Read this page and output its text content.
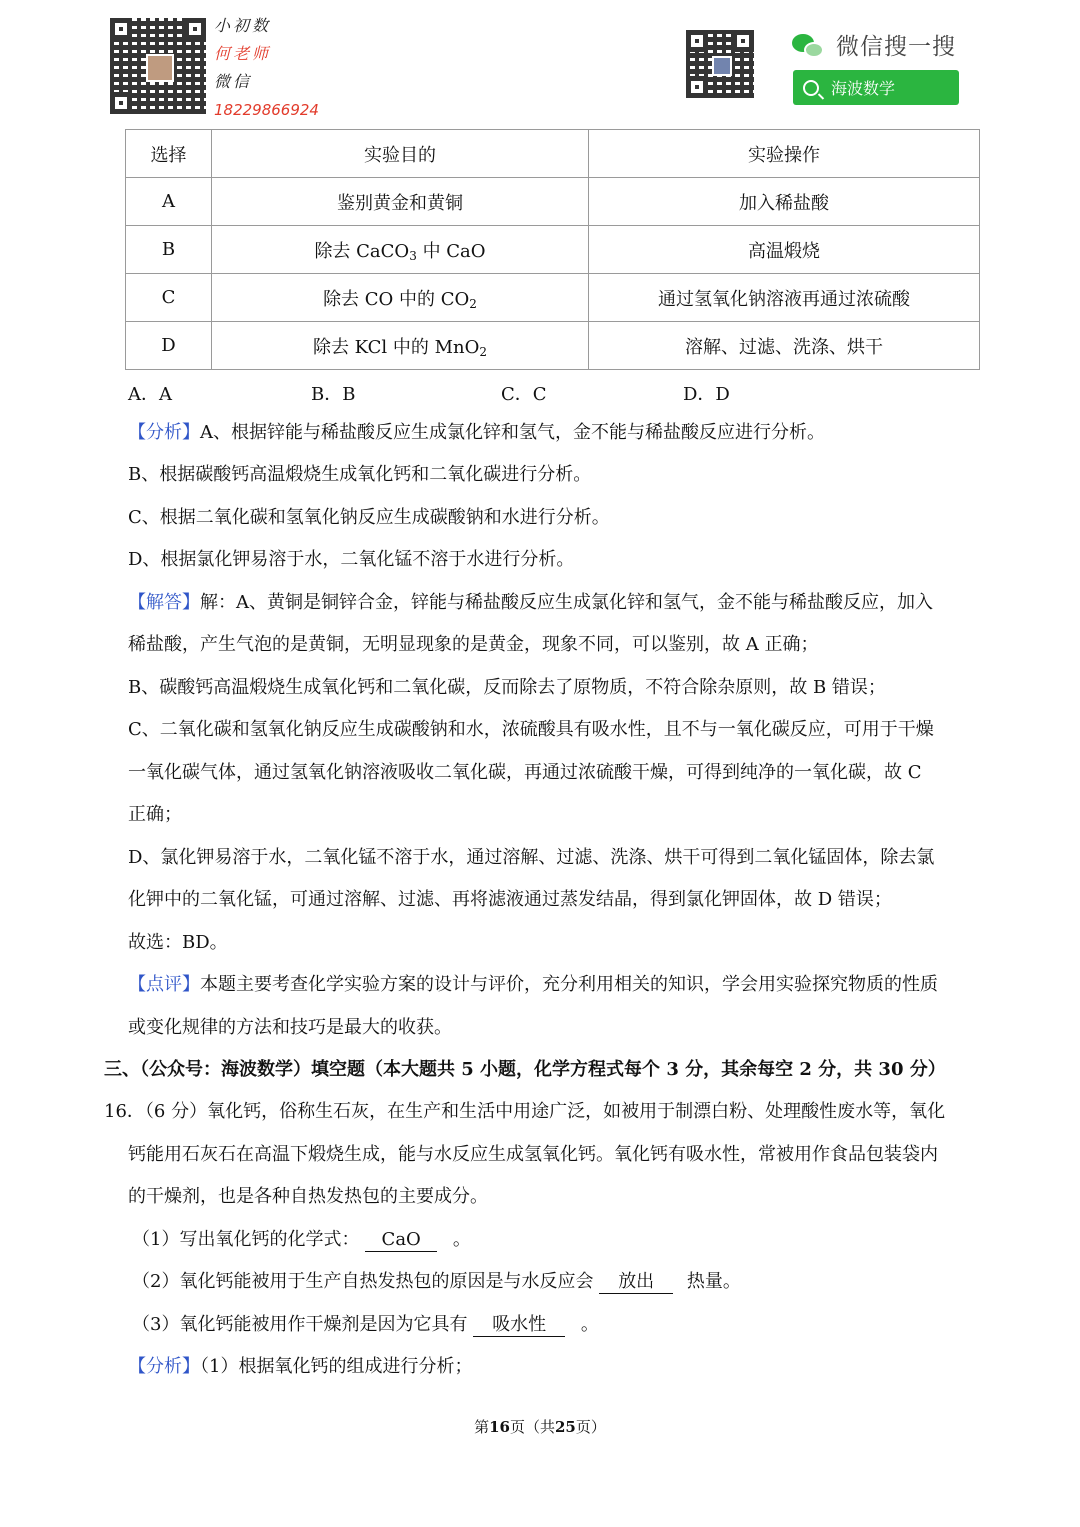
小初数
何老师
微信
18229866924
微信搜一搜
海波数学
选择	实验目的	实验操作
A	鉴别黄金和黄铜	加入稀盐酸
B	除去 CaCO$_3$ 中 CaO	高温煅烧
C	除去 CO 中的 $CO_2$	通过氢氧化钠溶液再通过浓硫酸
D	除去 KCl 中的 MnO$_2$	溶解、过滤、洗涤、烘干
A．A	B．B	C．C	D．D
【分析】A、根据锌能与稀盐酸反应生成氯化锌和氢气，金不能与稀盐酸反应进行分析。
B、根据碳酸钙高温煅烧生成氧化钙和二氧化碳进行分析。
C、根据二氧化碳和氢氧化钠反应生成碳酸钠和水进行分析。
D、根据氯化钾易溶于水，二氧化锰不溶于水进行分析。
【解答】解：A、黄铜是铜锌合金，锌能与稀盐酸反应生成氯化锌和氢气，金不能与稀盐酸反应，加入
稀盐酸，产生气泡的是黄铜，无明显现象的是黄金，现象不同，可以鉴别，故 A 正确；
B、碳酸钙高温煅烧生成氧化钙和二氧化碳，反而除去了原物质，不符合除杂原则，故 B 错误；
C、二氧化碳和氢氧化钠反应生成碳酸钠和水，浓硫酸具有吸水性，且不与一氧化碳反应，可用于干燥
一氧化碳气体，通过氢氧化钠溶液吸收二氧化碳，再通过浓硫酸干燥，可得到纯净的一氧化碳，故 C
正确；
D、氯化钾易溶于水，二氧化锰不溶于水，通过溶解、过滤、洗涤、烘干可得到二氧化锰固体，除去氯
化钾中的二氧化锰，可通过溶解、过滤、再将滤液通过蒸发结晶，得到氯化钾固体，故 D 错误；
故选：BD。
【点评】本题主要考查化学实验方案的设计与评价，充分利用相关的知识，学会用实验探究物质的性质
或变化规律的方法和技巧是最大的收获。
三、（公众号：海波数学）填空题（本大题共 5 小题，化学方程式每个 3 分，其余每空 2 分，共 30 分）
16．（6 分）氧化钙，俗称生石灰，在生产和生活中用途广泛，如被用于制漂白粉、处理酸性废水等，氧化
钙能用石灰石在高温下煅烧生成，能与水反应生成氢氧化钙。氧化钙有吸水性，常被用作食品包装袋内
的干燥剂，也是各种自热发热包的主要成分。
（1）写出氧化钙的化学式： CaO 。
（2）氧化钙能被用于生产自热发热包的原因是与水反应会 放出 热量。
（3）氧化钙能被用作干燥剂是因为它具有 吸水性 。
【分析】（1）根据氧化钙的组成进行分析；
第16页（共25页）
